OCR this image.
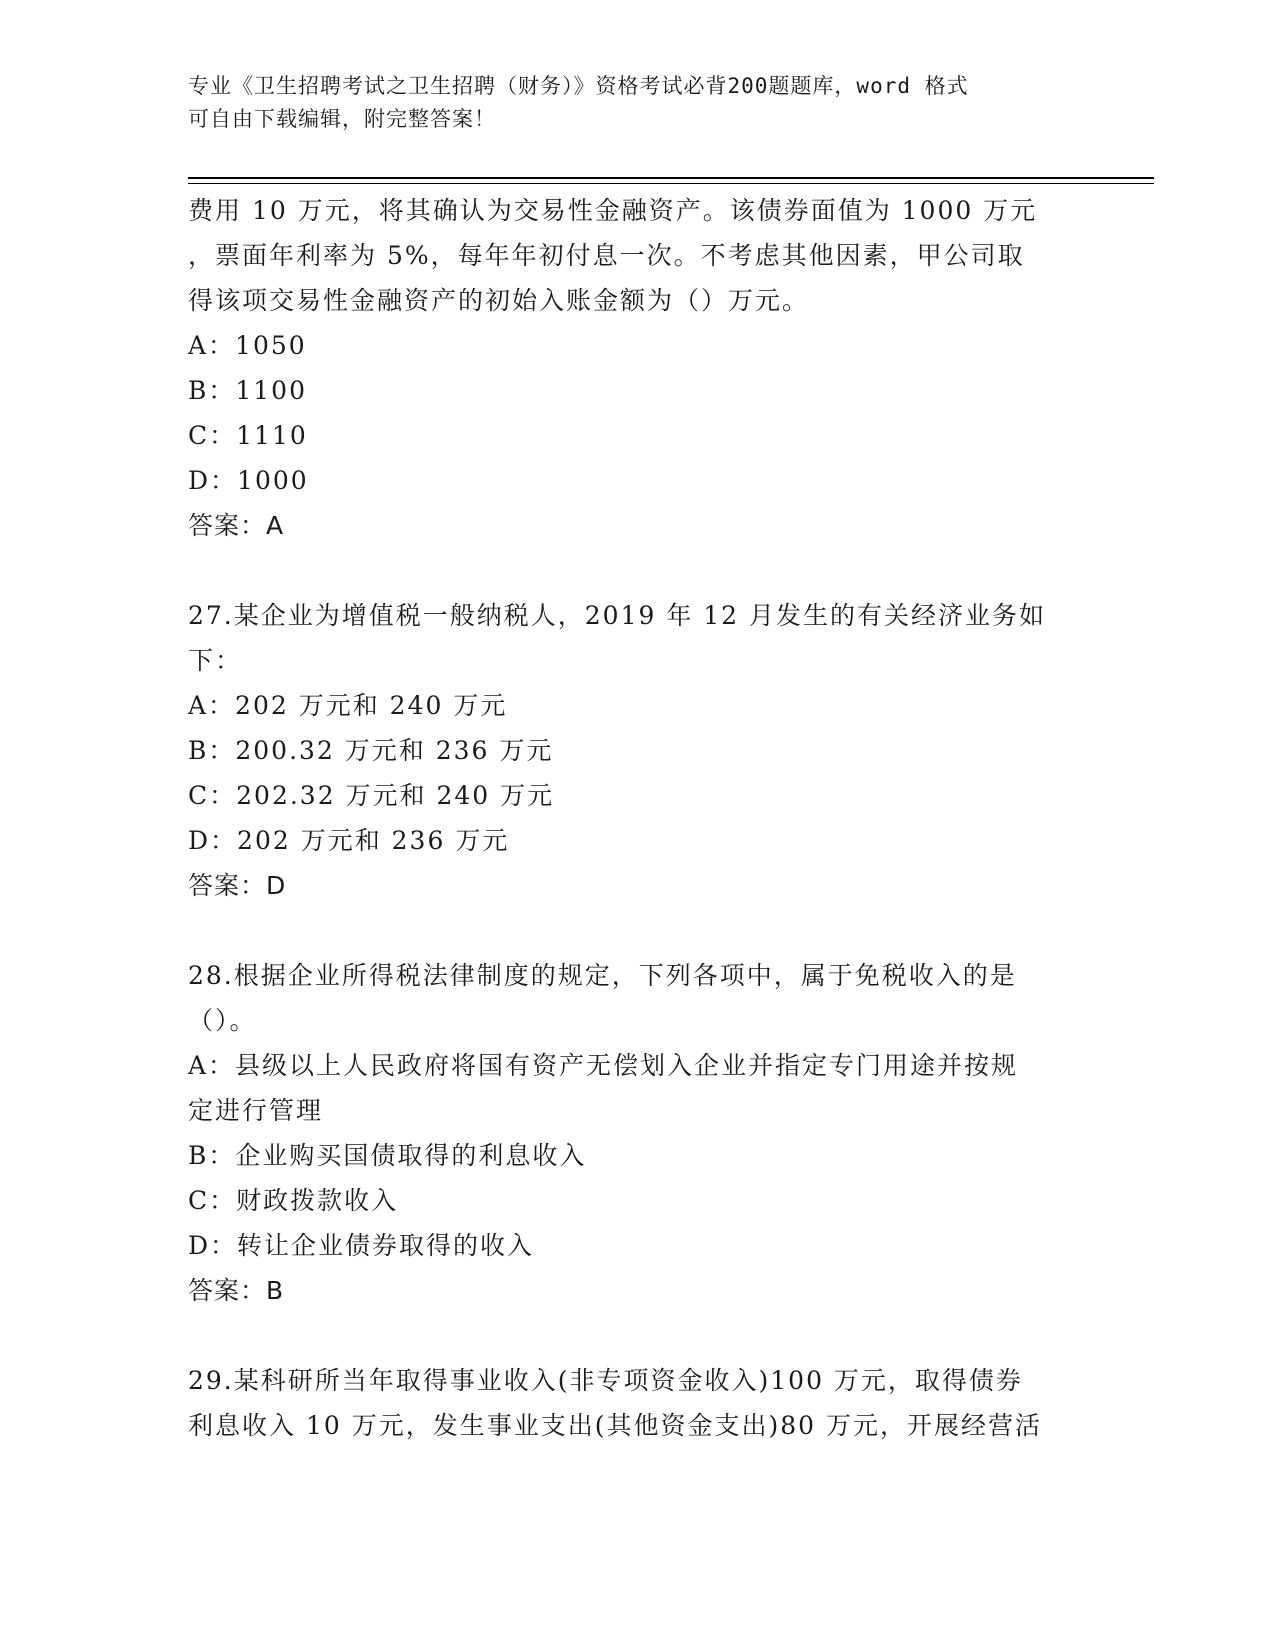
专业《卫生招聘考试之卫生招聘（财务）》资格考试必背200题题库，word 格式
可自由下载编辑，附完整答案！

费用 10 万元，将其确认为交易性金融资产。该债券面值为 1000 万元

，票面年利率为 5%，每年年初付息一次。不考虑其他因素，甲公司取

得该项交易性金融资产的初始入账金额为（）万元。

A：1050

B：1100

C：1110

D：1000

答案：A

27.某企业为增值税一般纳税人，2019 年 12 月发生的有关经济业务如

下：

A：202 万元和 240 万元

B：200.32 万元和 236 万元

C：202.32 万元和 240 万元

D：202 万元和 236 万元

答案：D

28.根据企业所得税法律制度的规定，下列各项中，属于免税收入的是

（）。

A：县级以上人民政府将国有资产无偿划入企业并指定专门用途并按规

定进行管理

B：企业购买国债取得的利息收入

C：财政拨款收入

D：转让企业债券取得的收入

答案：B

29.某科研所当年取得事业收入(非专项资金收入)100 万元，取得债券

利息收入 10 万元，发生事业支出(其他资金支出)80 万元，开展经营活
